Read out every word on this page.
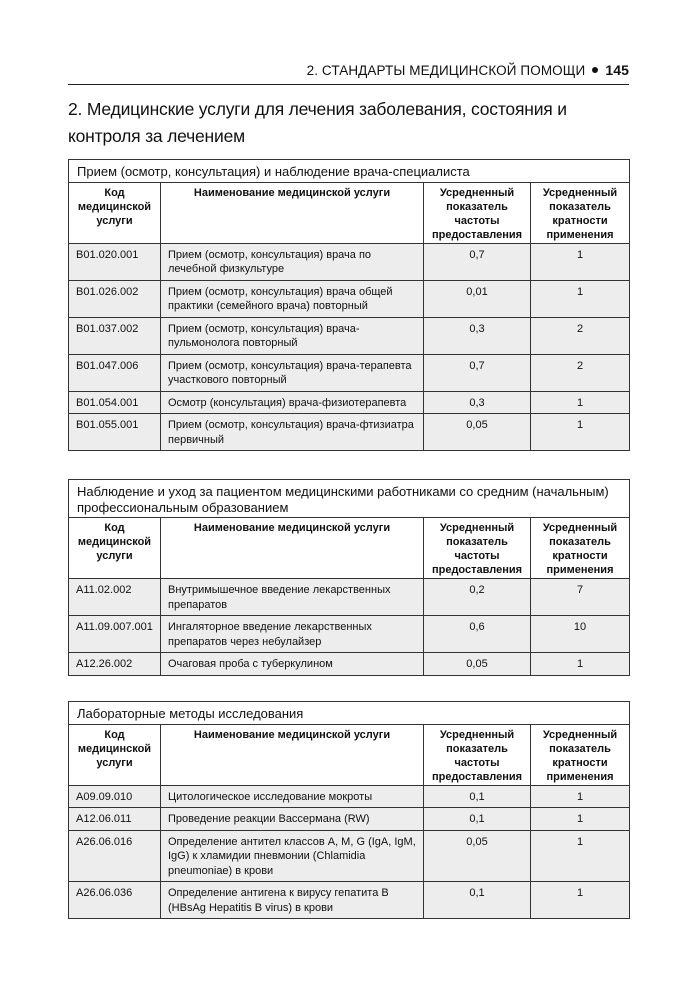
2. СТАНДАРТЫ МЕДИЦИНСКОЙ ПОМОЩИ 145
2. Медицинские услуги для лечения заболевания, состояния и контроля за лечением
Прием (осмотр, консультация) и наблюдение врача-специалиста			
Код медицинской услуги	Наименование медицинской услуги	Усредненный показатель частоты предоставления	Усредненный показатель кратности применения
B01.020.001	Прием (осмотр, консультация) врача по лечебной физкультуре	0,7	1
B01.026.002	Прием (осмотр, консультация) врача общей практики (семейного врача) повторный	0,01	1
B01.037.002	Прием (осмотр, консультация) врача-пульмонолога повторный	0,3	2
B01.047.006	Прием (осмотр, консультация) врача-терапевта участкового повторный	0,7	2
B01.054.001	Осмотр (консультация) врача-физиотерапевта	0,3	1
B01.055.001	Прием (осмотр, консультация) врача-фтизиатра первичный	0,05	1
Наблюдение и уход за пациентом медицинскими работниками со средним (начальным) профессиональным образованием			
Код медицинской услуги	Наименование медицинской услуги	Усредненный показатель частоты предоставления	Усредненный показатель кратности применения
A11.02.002	Внутримышечное введение лекарственных препаратов	0,2	7
A11.09.007.001	Ингаляторное введение лекарственных препаратов через небулайзер	0,6	10
A12.26.002	Очаговая проба с туберкулином	0,05	1
Лабораторные методы исследования			
Код медицинской услуги	Наименование медицинской услуги	Усредненный показатель частоты предоставления	Усредненный показатель кратности применения
A09.09.010	Цитологическое исследование мокроты	0,1	1
A12.06.011	Проведение реакции Вассермана (RW)	0,1	1
A26.06.016	Определение антител классов A, M, G (IgA, IgM, IgG) к хламидии пневмонии (Chlamidia pneumoniae) в крови	0,05	1
A26.06.036	Определение антигена к вирусу гепатита B (HBsAg Hepatitis B virus) в крови	0,1	1
